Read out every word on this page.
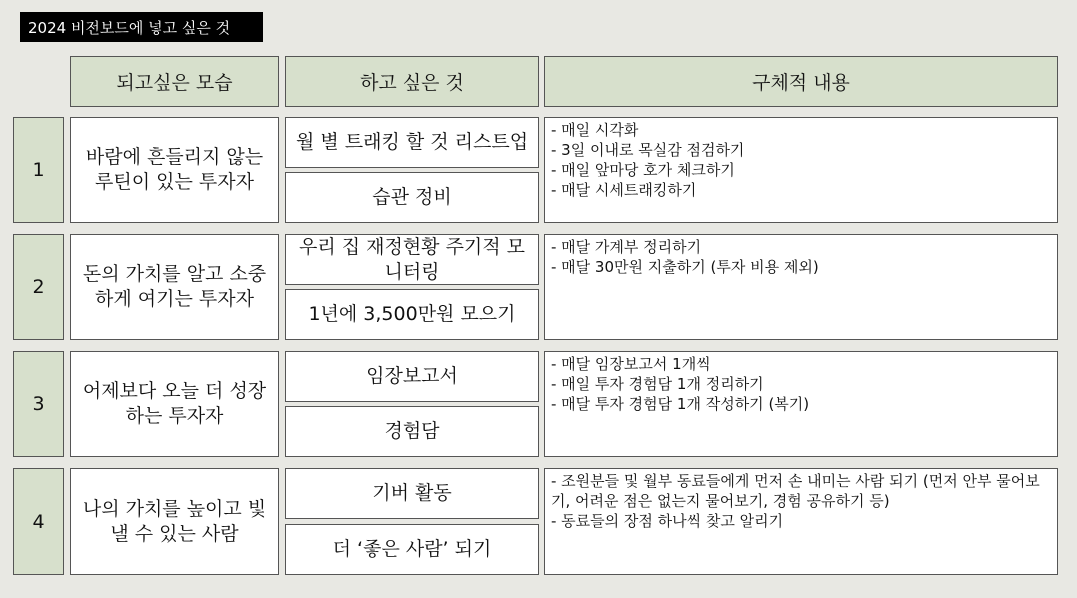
2024 비전보드에 넣고 싶은 것
되고싶은 모습	하고 싶은 것	구체적 내용
1
바람에 흔들리지 않는 루틴이 있는 투자자
월 별 트래킹 할 것 리스트업
습관 정비
- 매일 시각화
- 3일 이내로 목실감 점검하기
- 매일 앞마당 호가 체크하기
- 매달 시세트래킹하기
2
돈의 가치를 알고 소중하게 여기는 투자자
우리 집 재정현황 주기적 모니터링
1년에 3,500만원 모으기
- 매달 가계부 정리하기
- 매달 30만원 지출하기 (투자 비용 제외)
3
어제보다 오늘 더 성장하는 투자자
임장보고서
경험담
- 매달 임장보고서 1개씩
- 매일 투자 경험담 1개 정리하기
- 매달 투자 경험담 1개 작성하기 (복기)
4
나의 가치를 높이고 빛낼 수 있는 사람
기버 활동
더 ‘좋은 사람’ 되기
- 조원분들 및 월부 동료들에게 먼저 손 내미는 사람 되기 (먼저 안부 물어보기, 어려운 점은 없는지 물어보기, 경험 공유하기 등)
- 동료들의 장점 하나씩 찾고 알리기
